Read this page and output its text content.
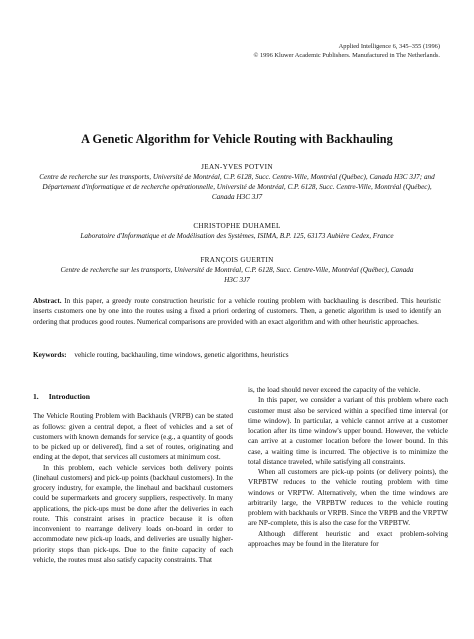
Applied Intelligence 6, 345–355 (1996)
© 1996 Kluwer Academic Publishers. Manufactured in The Netherlands.
A Genetic Algorithm for Vehicle Routing with Backhauling
JEAN-YVES POTVIN
Centre de recherche sur les transports, Université de Montréal, C.P. 6128, Succ. Centre-Ville, Montréal (Québec), Canada H3C 3J7; and Département d'informatique et de recherche opérationnelle, Université de Montréal, C.P. 6128, Succ. Centre-Ville, Montréal (Québec), Canada H3C 3J7
CHRISTOPHE DUHAMEL
Laboratoire d'Informatique et de Modélisation des Systèmes, ISIMA, B.P. 125, 63173 Aubière Cedex, France
FRANÇOIS GUERTIN
Centre de recherche sur les transports, Université de Montréal, C.P. 6128, Succ. Centre-Ville, Montréal (Québec), Canada H3C 3J7
Abstract. In this paper, a greedy route construction heuristic for a vehicle routing problem with backhauling is described. This heuristic inserts customers one by one into the routes using a fixed a priori ordering of customers. Then, a genetic algorithm is used to identify an ordering that produces good routes. Numerical comparisons are provided with an exact algorithm and with other heuristic approaches.
Keywords: vehicle routing, backhauling, time windows, genetic algorithms, heuristics
1. Introduction

The Vehicle Routing Problem with Backhauls (VRPB) can be stated as follows: given a central depot, a fleet of vehicles and a set of customers with known demands for service (e.g., a quantity of goods to be picked up or delivered), find a set of routes, originating and ending at the depot, that services all customers at minimum cost.

In this problem, each vehicle services both delivery points (linehaul customers) and pick-up points (backhaul customers). In the grocery industry, for example, the linehaul and backhaul customers could be supermarkets and grocery suppliers, respectively. In many applications, the pick-ups must be done after the deliveries in each route. This constraint arises in practice because it is often inconvenient to rearrange delivery loads on-board in order to accommodate new pick-up loads, and deliveries are usually higher-priority stops than pick-ups. Due to the finite capacity of each vehicle, the routes must also satisfy capacity constraints. That

is, the load should never exceed the capacity of the vehicle.

In this paper, we consider a variant of this problem where each customer must also be serviced within a specified time interval (or time window). In particular, a vehicle cannot arrive at a customer location after its time window's upper bound. However, the vehicle can arrive at a customer location before the lower bound. In this case, a waiting time is incurred. The objective is to minimize the total distance traveled, while satisfying all constraints.

When all customers are pick-up points (or delivery points), the VRPBTW reduces to the vehicle routing problem with time windows or VRPTW. Alternatively, when the time windows are arbitrarily large, the VRPBTW reduces to the vehicle routing problem with backhauls or VRPB. Since the VRPB and the VRPTW are NP-complete, this is also the case for the VRPBTW.

Although different heuristic and exact problem-solving approaches may be found in the literature for
